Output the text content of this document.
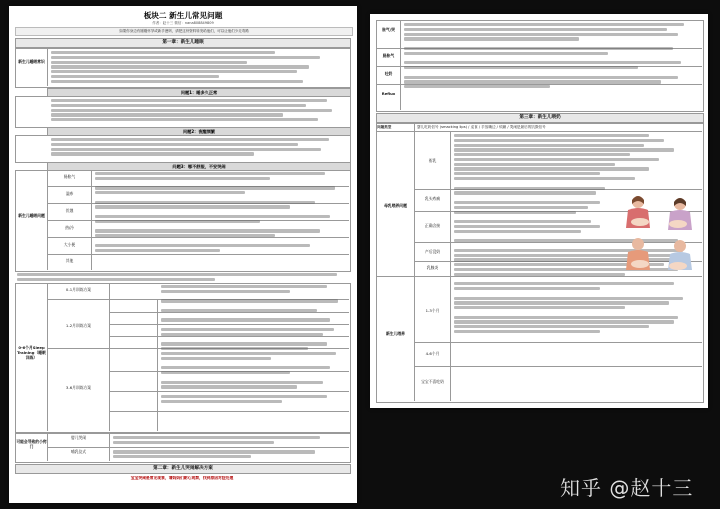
板块二 新生儿常见问题
作者：赵十三 微信：nana808849809
如果你身边有刚刚怀孕或新手爸妈，请把这份资料转发给他们，可以让他们少走弯路
第一章：新生儿睡眠
新生儿睡眠常识
问题1：睡多久正常
问题2：夜醒频繁
问题3：哪不舒服，不安哭闹
新生儿睡眠问题
肠胀气
湿疹
饥饿
热/冷
大小便
其他
0-6个月Sleep Training（睡眠训练）
0-1月训练方案
1-2月训练方案
3-6月训练方案
可能会导致的小窍门
婴儿哭闹
哺乳仪式
第二章：新生儿哭闹解决方案
宝宝哭闹是常见现象，请妈妈们耐心观察，找到原因对症处理
胀气/哭
肠胀气
吐奶
Reflux
第三章：新生儿喂奶
问题类型	婴儿吃奶信号 (smacking lips) / 觅食 / 手放嘴边 / 烦躁 / 哭闹是最后的饥饿信号
母乳喂养问题
新生儿喂养
衔乳
乳头疼痛
正确含接
产后没奶
乳腺炎
1-3个月
4-6个月
宝宝不喜吃奶
知乎 @赵十三
